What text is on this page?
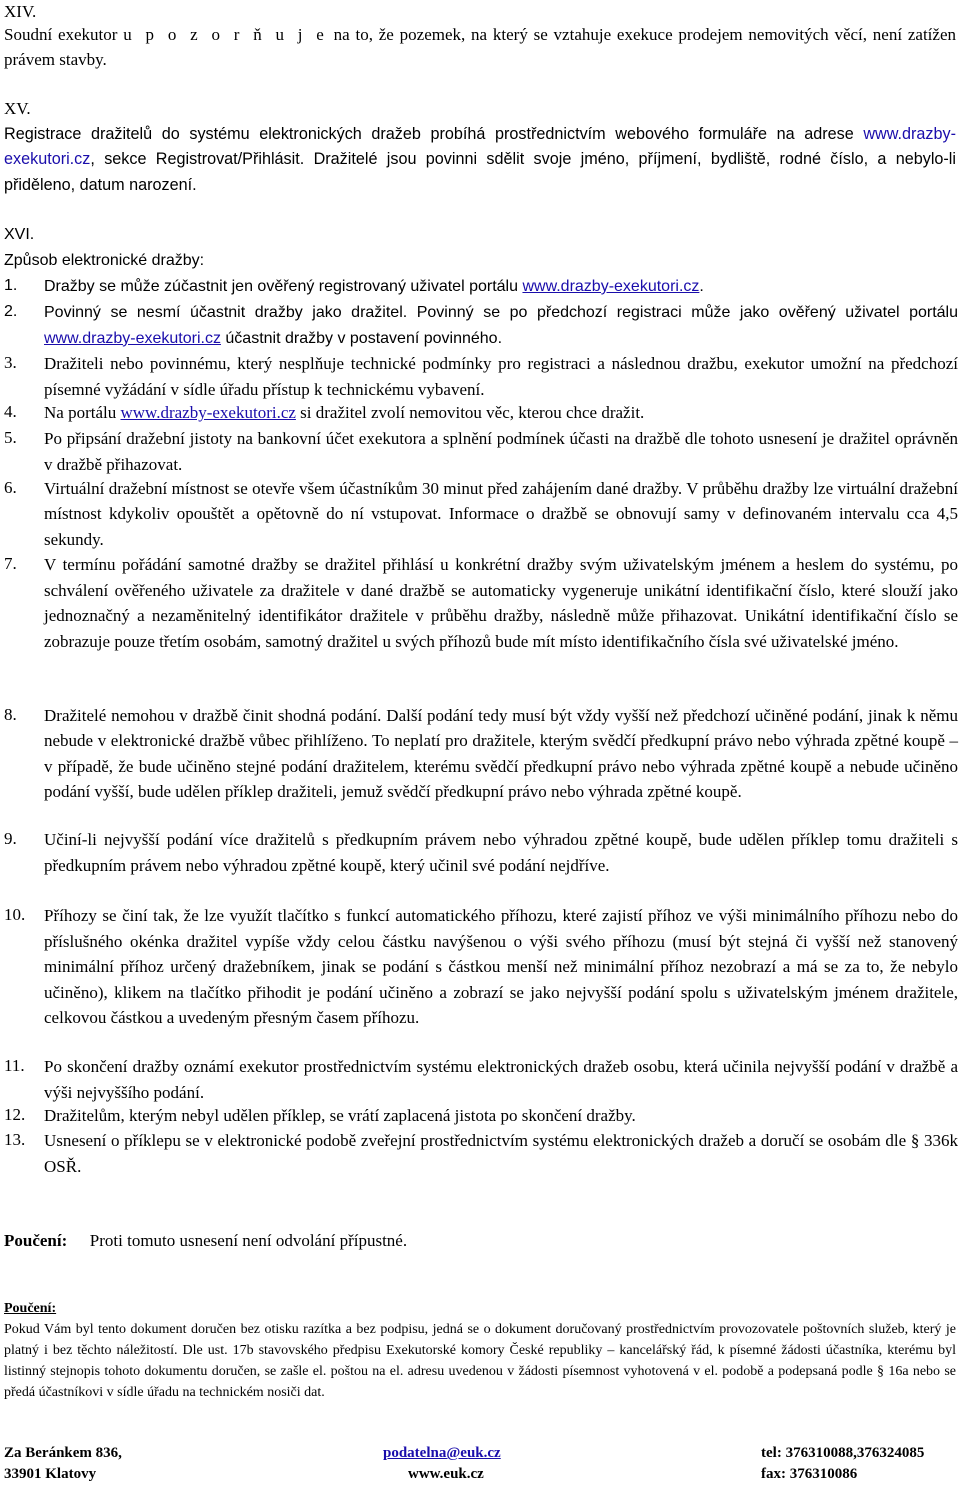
XIV.
Soudní exekutor u p o z o r ň u j e na to, že pozemek, na který se vztahuje exekuce prodejem nemovitých věcí, není zatížen právem stavby.
XV.
Registrace dražitelů do systému elektronických dražeb probíhá prostřednictvím webového formuláře na adrese www.drazby-exekutori.cz, sekce Registrovat/Přihlásit. Dražitelé jsou povinni sdělit svoje jméno, příjmení, bydliště, rodné číslo, a nebylo-li přiděleno, datum narození.
XVI.
Způsob elektronické dražby:
1. Dražby se může zúčastnit jen ověřený registrovaný uživatel portálu www.drazby-exekutori.cz.
2. Povinný se nesmí účastnit dražby jako dražitel. Povinný se po předchozí registraci může jako ověřený uživatel portálu www.drazby-exekutori.cz účastnit dražby v postavení povinného.
3. Dražiteli nebo povinnému, který nesplňuje technické podmínky pro registraci a následnou dražbu, exekutor umožní na předchozí písemné vyžádání v sídle úřadu přístup k technickému vybavení.
4. Na portálu www.drazby-exekutori.cz si dražitel zvolí nemovitou věc, kterou chce dražit.
5. Po připsání dražební jistoty na bankovní účet exekutora a splnění podmínek účasti na dražbě dle tohoto usnesení je dražitel oprávněn v dražbě přihazovat.
6. Virtuální dražební místnost se otevře všem účastníkům 30 minut před zahájením dané dražby. V průběhu dražby lze virtuální dražební místnost kdykoliv opouštět a opětovně do ní vstupovat. Informace o dražbě se obnovují samy v definovaném intervalu cca 4,5 sekundy.
7. V termínu pořádání samotné dražby se dražitel přihlásí u konkrétní dražby svým uživatelským jménem a heslem do systému, po schválení ověřeného uživatele za dražitele v dané dražbě se automaticky vygeneruje unikátní identifikační číslo, které slouží jako jednoznačný a nezaměnitelný identifikátor dražitele v průběhu dražby, následně může přihazovat. Unikátní identifikační číslo se zobrazuje pouze třetím osobám, samotný dražitel u svých příhozů bude mít místo identifikačního čísla své uživatelské jméno.
8. Dražitelé nemohou v dražbě činit shodná podání. Další podání tedy musí být vždy vyšší než předchozí učiněné podání, jinak k němu nebude v elektronické dražbě vůbec přihlíženo. To neplatí pro dražitele, kterým svědčí předkupní právo nebo výhrada zpětné koupě – v případě, že bude učiněno stejné podání dražitelem, kterému svědčí předkupní právo nebo výhrada zpětné koupě a nebude učiněno podání vyšší, bude udělen příklep dražiteli, jemuž svědčí předkupní právo nebo výhrada zpětné koupě.
9. Učiní-li nejvyšší podání více dražitelů s předkupním právem nebo výhradou zpětné koupě, bude udělen příklep tomu dražiteli s předkupním právem nebo výhradou zpětné koupě, který učinil své podání nejdříve.
10. Příhozy se činí tak, že lze využít tlačítko s funkcí automatického příhozu, které zajistí příhoz ve výši minimálního příhozu nebo do příslušného okénka dražitel vypíše vždy celou částku navýšenou o výši svého příhozu (musí být stejná či vyšší než stanovený minimální příhoz určený dražebníkem, jinak se podání s částkou menší než minimální příhoz nezobrazí a má se za to, že nebylo učiněno), klikem na tlačítko přihodit je podání učiněno a zobrazí se jako nejvyšší podání spolu s uživatelským jménem dražitele, celkovou částkou a uvedeným přesným časem příhozu.
11. Po skončení dražby oznámí exekutor prostřednictvím systému elektronických dražeb osobu, která učinila nejvyšší podání v dražbě a výši nejvyššího podání.
12. Dražitelům, kterým nebyl udělen příklep, se vrátí zaplacená jistota po skončení dražby.
13. Usnesení o příklepu se v elektronické podobě zveřejní prostřednictvím systému elektronických dražeb a doručí se osobám dle § 336k OSŘ.
Poučení: Proti tomuto usnesení není odvolání přípustné.
Poučení:
Pokud Vám byl tento dokument doručen bez otisku razítka a bez podpisu, jedná se o dokument doručovaný prostřednictvím provozovatele poštovních služeb, který je platný i bez těchto náležitostí. Dle ust. 17b stavovského předpisu Exekutorské komory České republiky – kancelářský řád, k písemné žádosti účastníka, kterému byl listinný stejnopis tohoto dokumentu doručen, se zašle el. poštou na el. adresu uvedenou v žádosti písemnost vyhotovená v el. podobě a podepsaná podle § 16a nebo se předá účastníkovi v sídle úřadu na technickém nosiči dat.
Za Beránkem 836,
33901 Klatovy
podatelna@euk.cz
www.euk.cz
tel: 376310088,376324085
fax: 376310086
